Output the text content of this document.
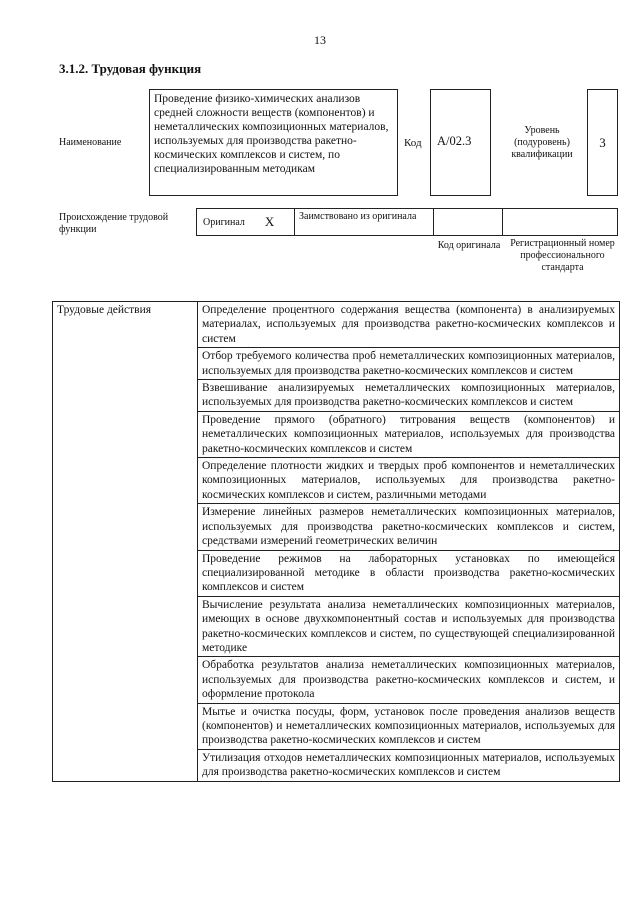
13
3.1.2. Трудовая функция
Наименование
Проведение физико-химических анализов средней сложности веществ (компонентов) и неметаллических композиционных материалов, используемых для производства ракетно-космических комплексов и систем, по специализированным методикам
Код	A/02.3
Уровень (подуровень) квалификации
3
Происхождение трудовой функции
Оригинал X	Заимствовано из оригинала
Код оригинала Регистрационный номер профессионального стандарта
Трудовые действия	Определение процентного содержания вещества (компонента) в анализируемых материалах, используемых для производства ракетно-космических комплексов и систем
Отбор требуемого количества проб неметаллических композиционных материалов, используемых для производства ракетно-космических комплексов и систем
Взвешивание анализируемых неметаллических композиционных материалов, используемых для производства ракетно-космических комплексов и систем
Проведение прямого (обратного) титрования веществ (компонентов) и неметаллических композиционных материалов, используемых для производства ракетно-космических комплексов и систем
Определение плотности жидких и твердых проб компонентов и неметаллических композиционных материалов, используемых для производства ракетно-космических комплексов и систем, различными методами
Измерение линейных размеров неметаллических композиционных материалов, используемых для производства ракетно-космических комплексов и систем, средствами измерений геометрических величин
Проведение режимов на лабораторных установках по имеющейся специализированной методике в области производства ракетно-космических комплексов и систем
Вычисление результата анализа неметаллических композиционных материалов, имеющих в основе двухкомпонентный состав и используемых для производства ракетно-космических комплексов и систем, по существующей специализированной методике
Обработка результатов анализа неметаллических композиционных материалов, используемых для производства ракетно-космических комплексов и систем, и оформление протокола
Мытье и очистка посуды, форм, установок после проведения анализов веществ (компонентов) и неметаллических композиционных материалов, используемых для производства ракетно-космических комплексов и систем
Утилизация отходов неметаллических композиционных материалов, используемых для производства ракетно-космических комплексов и систем
